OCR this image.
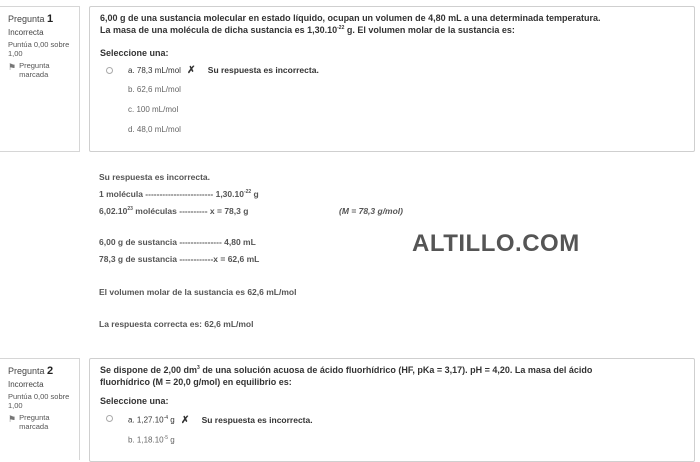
Pregunta 1
Incorrecta
Puntúa 0,00 sobre 1,00
⚑ Pregunta marcada
6,00 g de una sustancia molecular en estado líquido, ocupan un volumen de 4,80 mL a una determinada temperatura.
La masa de una molécula de dicha sustancia es $1,30.10^{-22}$ g. El volumen molar de la sustancia es:
Seleccione una:
a. 78,3 mL/mol ✗ Su respuesta es incorrecta.
b. 62,6 mL/mol
c. 100 mL/mol
d. 48,0 mL/mol
Su respuesta es incorrecta.
1 molécula ------------------------ $1,30.10^{-22}$ g
6,02.10$^{23}$ moléculas ---------- x = 78,3 g	(M = 78,3 g/mol)
6,00 g de sustancia --------------- 4,80 mL
78,3 g de sustancia ------------x = 62,6 mL
El volumen molar de la sustancia es 62,6 mL/mol
La respuesta correcta es: 62,6 mL/mol
ALTILLO.COM
Pregunta 2
Incorrecta
Puntúa 0,00 sobre 1,00
⚑ Pregunta marcada
Se dispone de 2,00 $dm^3$ de una solución acuosa de ácido fluorhídrico (HF, pKa = 3,17). pH = 4,20. La masa del ácido
fluorhídrico (M = 20,0 g/mol) en equilibrio es:
Seleccione una:
a. $1,27.10^{-4}$ g ✗ Su respuesta es incorrecta.
b. $1,18.10^{-5}$ g
